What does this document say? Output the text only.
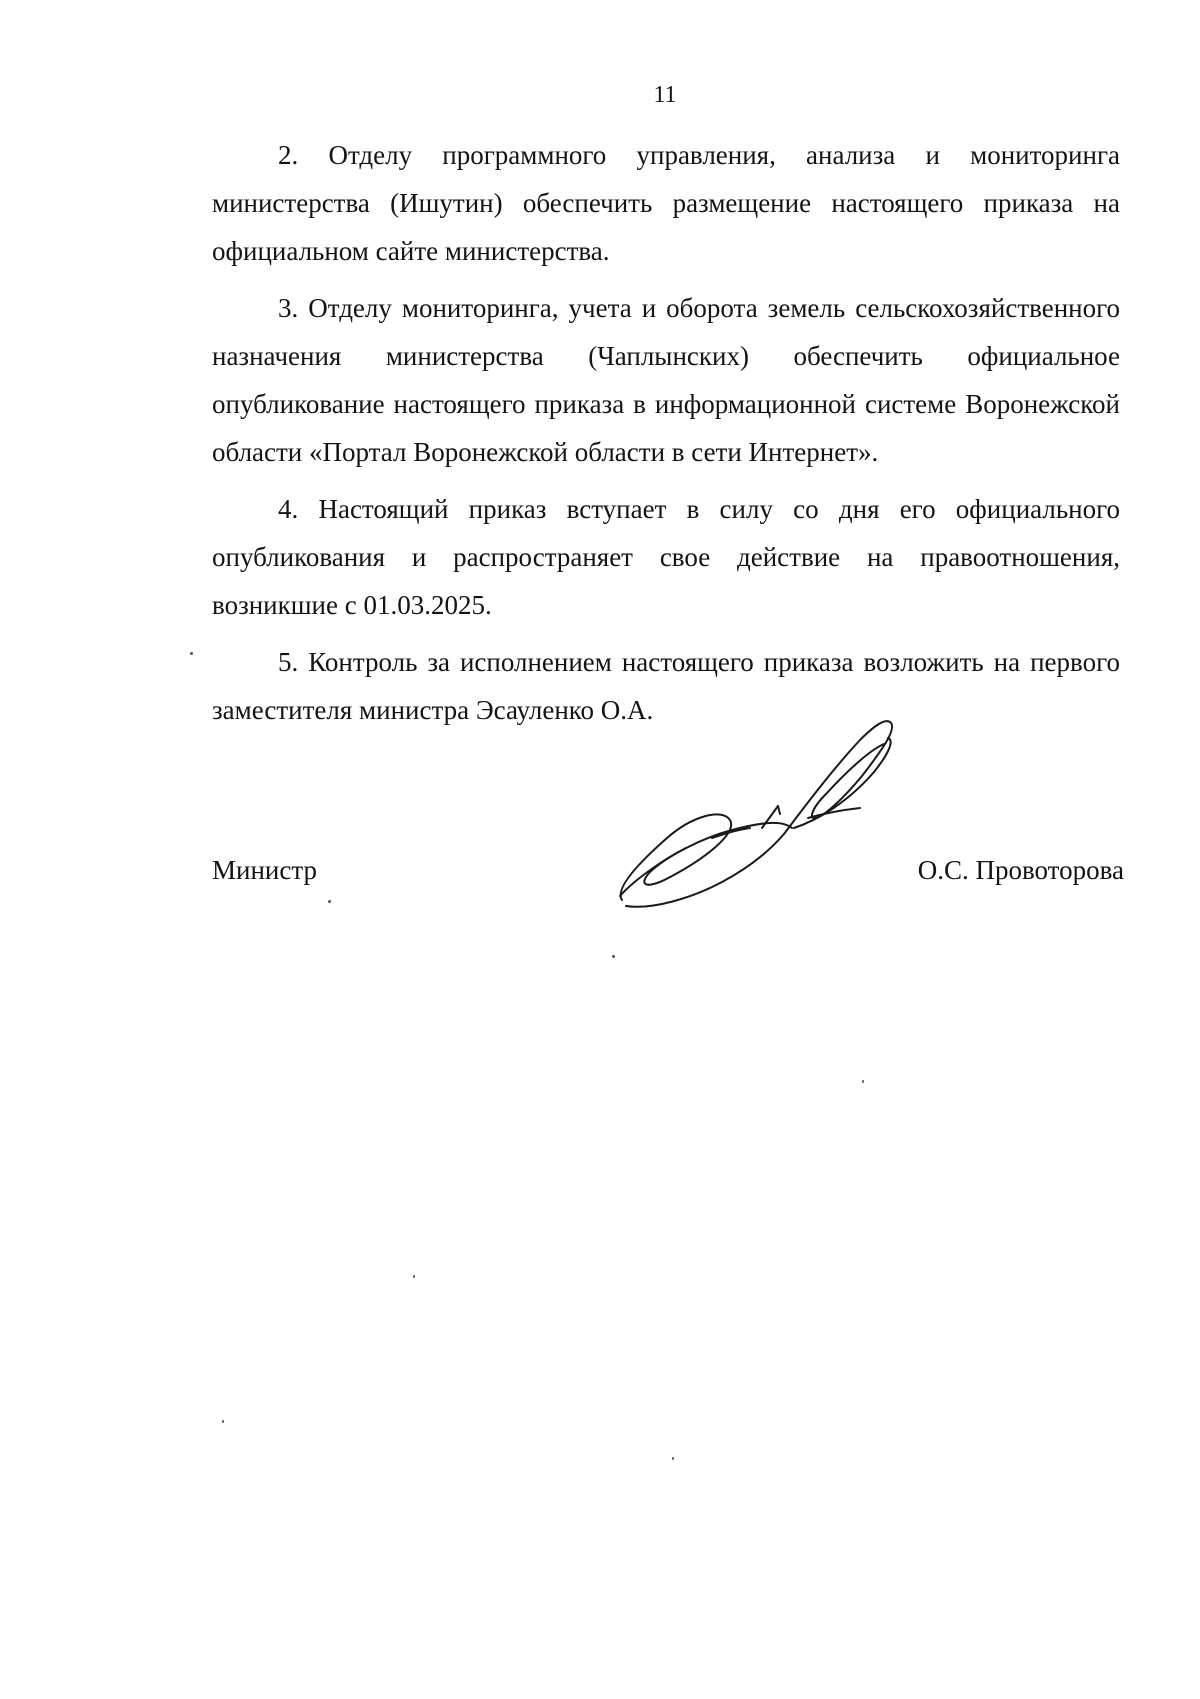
11

2. Отделу программного управления, анализа и мониторинга министерства (Ишутин) обеспечить размещение настоящего приказа на официальном сайте министерства.

3. Отделу мониторинга, учета и оборота земель сельскохозяйственного назначения министерства (Чаплынских) обеспечить официальное опубликование настоящего приказа в информационной системе Воронежской области «Портал Воронежской области в сети Интернет».

4. Настоящий приказ вступает в силу со дня его официального опубликования и распространяет свое действие на правоотношения, возникшие с 01.03.2025.

5. Контроль за исполнением настоящего приказа возложить на первого заместителя министра Эсауленко О.А.

Министр	О.С. Провоторова
